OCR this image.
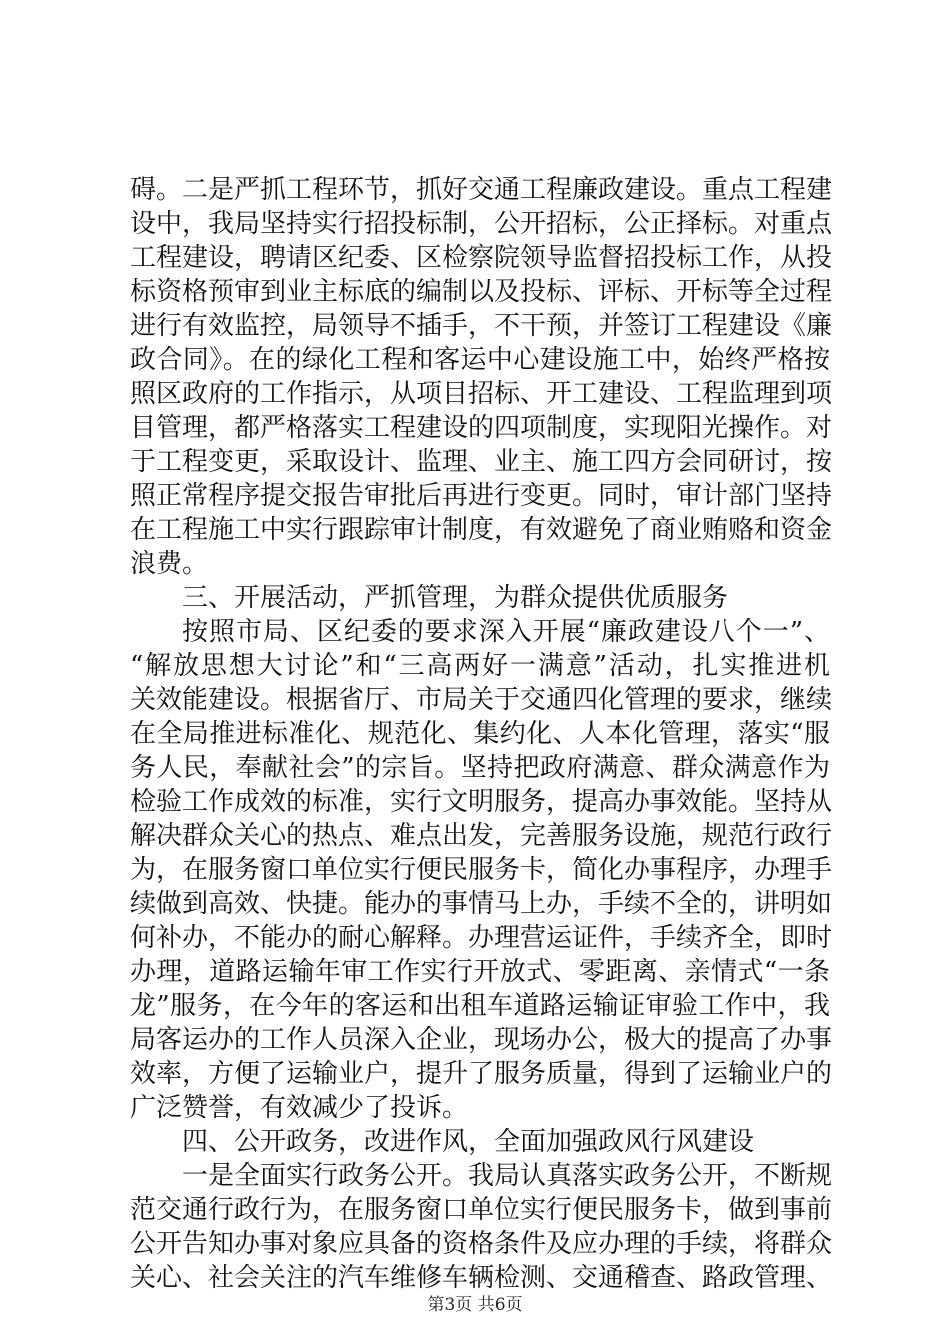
碍。二是严抓工程环节，抓好交通工程廉政建设。重点工程建
设中，我局坚持实行招投标制，公开招标，公正择标。对重点
工程建设，聘请区纪委、区检察院领导监督招投标工作，从投
标资格预审到业主标底的编制以及投标、评标、开标等全过程
进行有效监控，局领导不插手，不干预，并签订工程建设《廉
政合同》。在的绿化工程和客运中心建设施工中，始终严格按
照区政府的工作指示，从项目招标、开工建设、工程监理到项
目管理，都严格落实工程建设的四项制度，实现阳光操作。对
于工程变更，采取设计、监理、业主、施工四方会同研讨，按
照正常程序提交报告审批后再进行变更。同时，审计部门坚持
在工程施工中实行跟踪审计制度，有效避免了商业贿赂和资金
浪费。
三、开展活动，严抓管理，为群众提供优质服务
按照市局、区纪委的要求深入开展“廉政建设八个一”、
“解放思想大讨论”和“三高两好一满意”活动，扎实推进机
关效能建设。根据省厅、市局关于交通四化管理的要求，继续
在全局推进标准化、规范化、集约化、人本化管理，落实“服
务人民，奉献社会”的宗旨。坚持把政府满意、群众满意作为
检验工作成效的标准，实行文明服务，提高办事效能。坚持从
解决群众关心的热点、难点出发，完善服务设施，规范行政行
为，在服务窗口单位实行便民服务卡，简化办事程序，办理手
续做到高效、快捷。能办的事情马上办，手续不全的，讲明如
何补办，不能办的耐心解释。办理营运证件，手续齐全，即时
办理，道路运输年审工作实行开放式、零距离、亲情式“一条
龙”服务，在今年的客运和出租车道路运输证审验工作中，我
局客运办的工作人员深入企业，现场办公，极大的提高了办事
效率，方便了运输业户，提升了服务质量，得到了运输业户的
广泛赞誉，有效减少了投诉。
四、公开政务，改进作风，全面加强政风行风建设
一是全面实行政务公开。我局认真落实政务公开，不断规
范交通行政行为，在服务窗口单位实行便民服务卡，做到事前
公开告知办事对象应具备的资格条件及应办理的手续，将群众
关心、社会关注的汽车维修车辆检测、交通稽查、路政管理、
第3页 共6页
